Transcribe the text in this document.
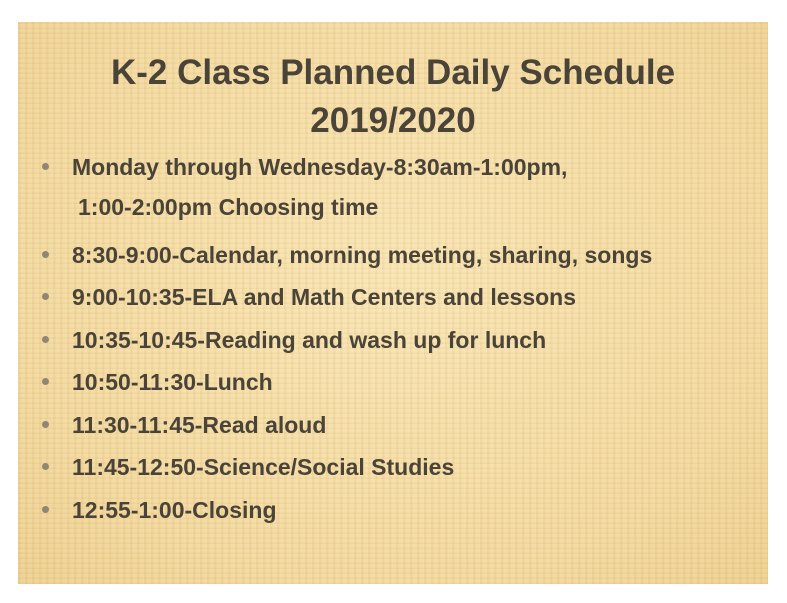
K-2 Class Planned Daily Schedule
2019/2020
Monday through Wednesday-8:30am-1:00pm,
1:00-2:00pm Choosing time
8:30-9:00-Calendar, morning meeting, sharing, songs
9:00-10:35-ELA and Math Centers and lessons
10:35-10:45-Reading and wash up for lunch
10:50-11:30-Lunch
11:30-11:45-Read aloud
11:45-12:50-Science/Social Studies
12:55-1:00-Closing
